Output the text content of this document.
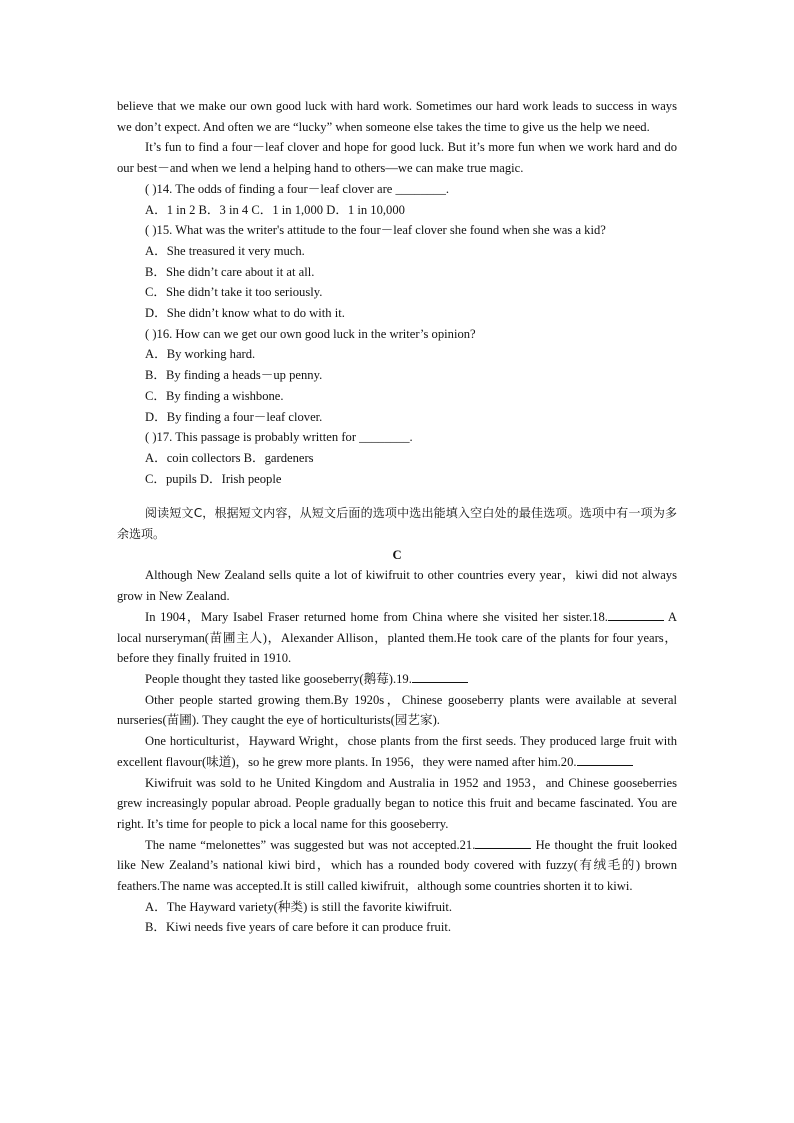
believe that we make our own good luck with hard work. Sometimes our hard work leads to success in ways we don’t expect. And often we are “lucky” when someone else takes the time to give us the help we need.

It’s fun to find a four－leaf clover and hope for good luck. But it’s more fun when we work hard and do our best－and when we lend a helping hand to others—we can make true magic.

( )14. The odds of finding a four－leaf clover are ________.

A．1 in 2 B．3 in 4 C．1 in 1,000 D．1 in 10,000

( )15. What was the writer's attitude to the four－leaf clover she found when she was a kid?

A．She treasured it very much.

B．She didn’t care about it at all.

C．She didn’t take it too seriously.

D．She didn’t know what to do with it.

( )16. How can we get our own good luck in the writer’s opinion?

A．By working hard.

B．By finding a heads－up penny.

C．By finding a wishbone.

D．By finding a four－leaf clover.

( )17. This passage is probably written for ________.

A．coin collectors B．gardeners

C．pupils D．Irish people

阅读短文C，根据短文内容，从短文后面的选项中选出能填入空白处的最佳选项。选项中有一项为多余选项。

C

Although New Zealand sells quite a lot of kiwifruit to other countries every year，kiwi did not always grow in New Zealand.

In 1904，Mary Isabel Fraser returned home from China where she visited her sister.18.	A local nurseryman(苗圃主人)，Alexander Allison，planted them.He took care of the plants for four years，before they finally fruited in 1910.

People thought they tasted like gooseberry(鹅莓).19.

Other people started growing them.By 1920s，Chinese gooseberry plants were available at several nurseries(苗圃). They caught the eye of horticulturists(园艺家).

One horticulturist，Hayward Wright，chose plants from the first seeds. They produced large fruit with excellent flavour(味道)，so he grew more plants. In 1956，they were named after him.20.

Kiwifruit was sold to he United Kingdom and Australia in 1952 and 1953，and Chinese gooseberries grew increasingly popular abroad. People gradually began to notice this fruit and became fascinated. You are right. It’s time for people to pick a local name for this gooseberry.

The name “melonettes” was suggested but was not accepted.21.	He thought the fruit looked like New Zealand’s national kiwi bird，which has a rounded body covered with fuzzy(有绒毛的) brown feathers.The name was accepted.It is still called kiwifruit，although some countries shorten it to kiwi.

A．The Hayward variety(种类) is still the favorite kiwifruit.

B．Kiwi needs five years of care before it can produce fruit.
